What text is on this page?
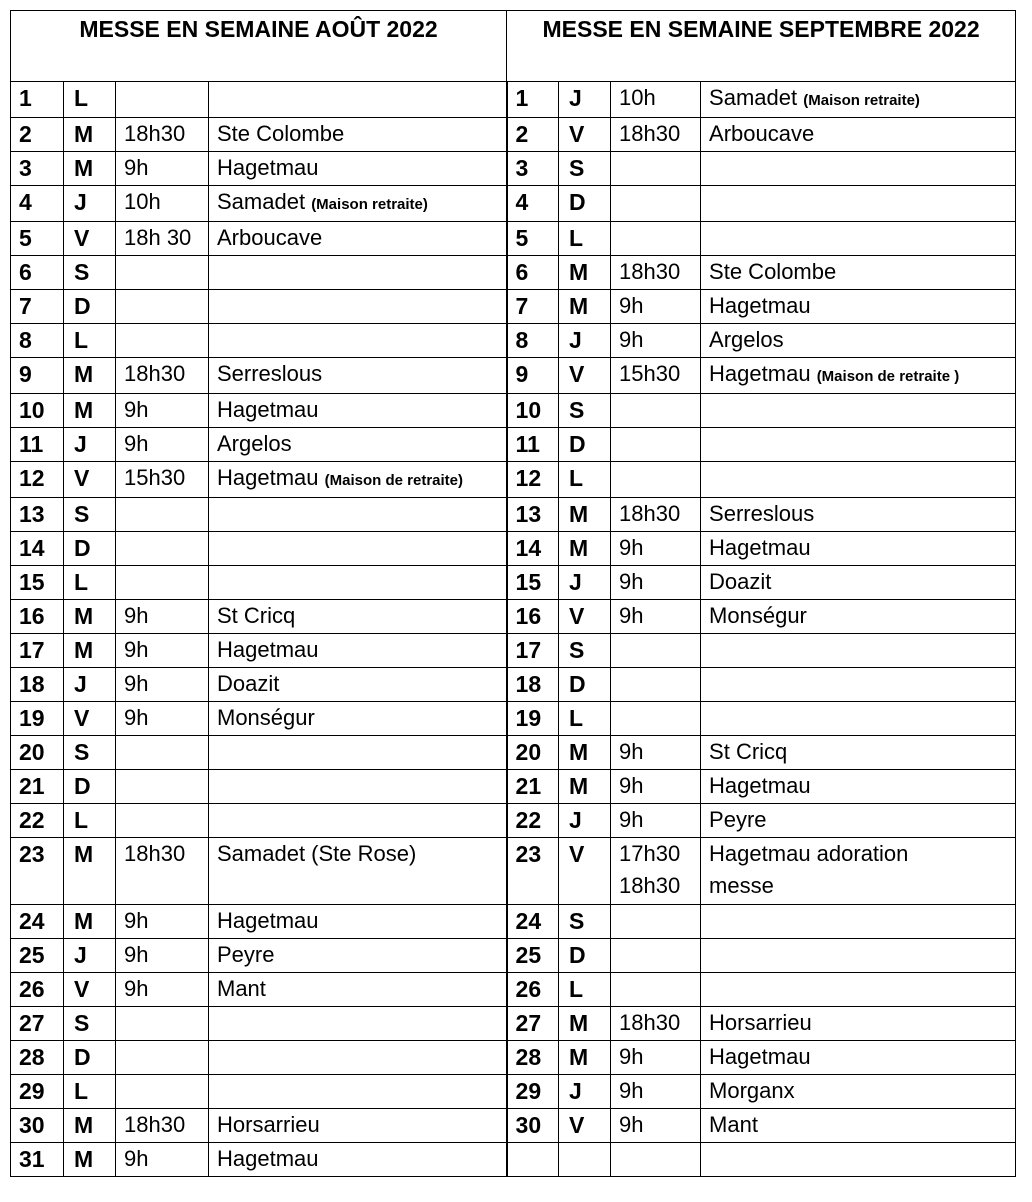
MESSE EN SEMAINE AOÛT 2022				MESSE EN SEMAINE SEPTEMBRE 2022			
1	L			1	J	10h	Samadet (Maison retraite)
2	M	18h30	Ste Colombe	2	V	18h30	Arboucave
3	M	9h	Hagetmau	3	S		
4	J	10h	Samadet (Maison retraite)	4	D		
5	V	18h 30	Arboucave	5	L		
6	S			6	M	18h30	Ste Colombe
7	D			7	M	9h	Hagetmau
8	L			8	J	9h	Argelos
9	M	18h30	Serreslous	9	V	15h30	Hagetmau (Maison de retraite )
10	M	9h	Hagetmau	10	S		
11	J	9h	Argelos	11	D		
12	V	15h30	Hagetmau (Maison de retraite)	12	L		
13	S			13	M	18h30	Serreslous
14	D			14	M	9h	Hagetmau
15	L			15	J	9h	Doazit
16	M	9h	St Cricq	16	V	9h	Monségur
17	M	9h	Hagetmau	17	S		
18	J	9h	Doazit	18	D		
19	V	9h	Monségur	19	L		
20	S			20	M	9h	St Cricq
21	D			21	M	9h	Hagetmau
22	L			22	J	9h	Peyre
23	M	18h30	Samadet (Ste Rose)	23	V	17h30 18h30	Hagetmau adoration messe
24	M	9h	Hagetmau	24	S		
25	J	9h	Peyre	25	D		
26	V	9h	Mant	26	L		
27	S			27	M	18h30	Horsarrieu
28	D			28	M	9h	Hagetmau
29	L			29	J	9h	Morganx
30	M	18h30	Horsarrieu	30	V	9h	Mant
31	M	9h	Hagetmau				
